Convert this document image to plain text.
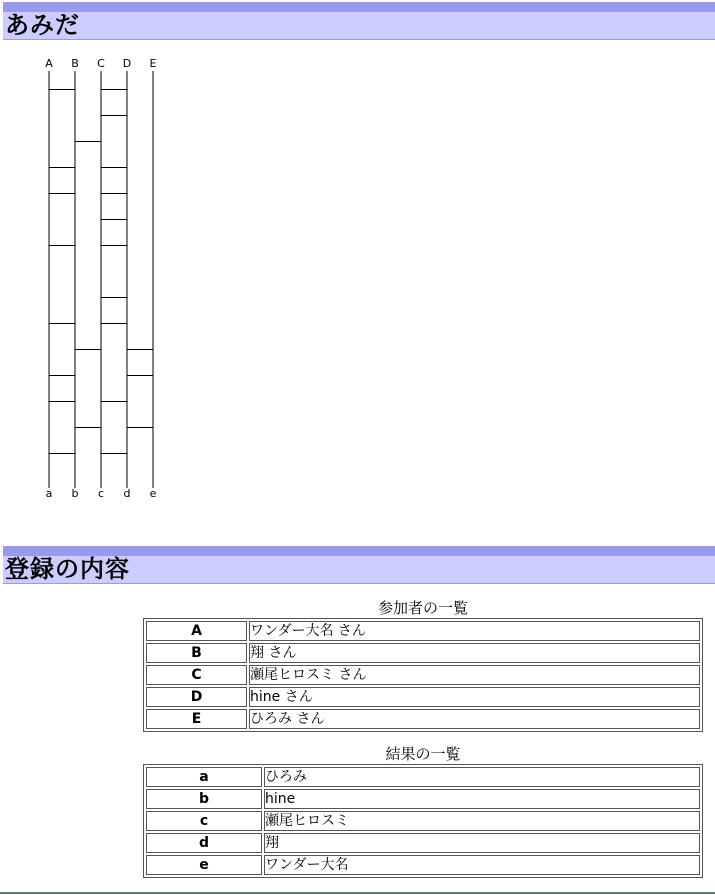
あみだ
A B C D E
a b c d e
登録の内容
参加者の一覧
A	ワンダー大名 さん
B	翔 さん
C	瀬尾ヒロスミ さん
D	hine さん
E	ひろみ さん
結果の一覧
a	ひろみ
b	hine
c	瀬尾ヒロスミ
d	翔
e	ワンダー大名
